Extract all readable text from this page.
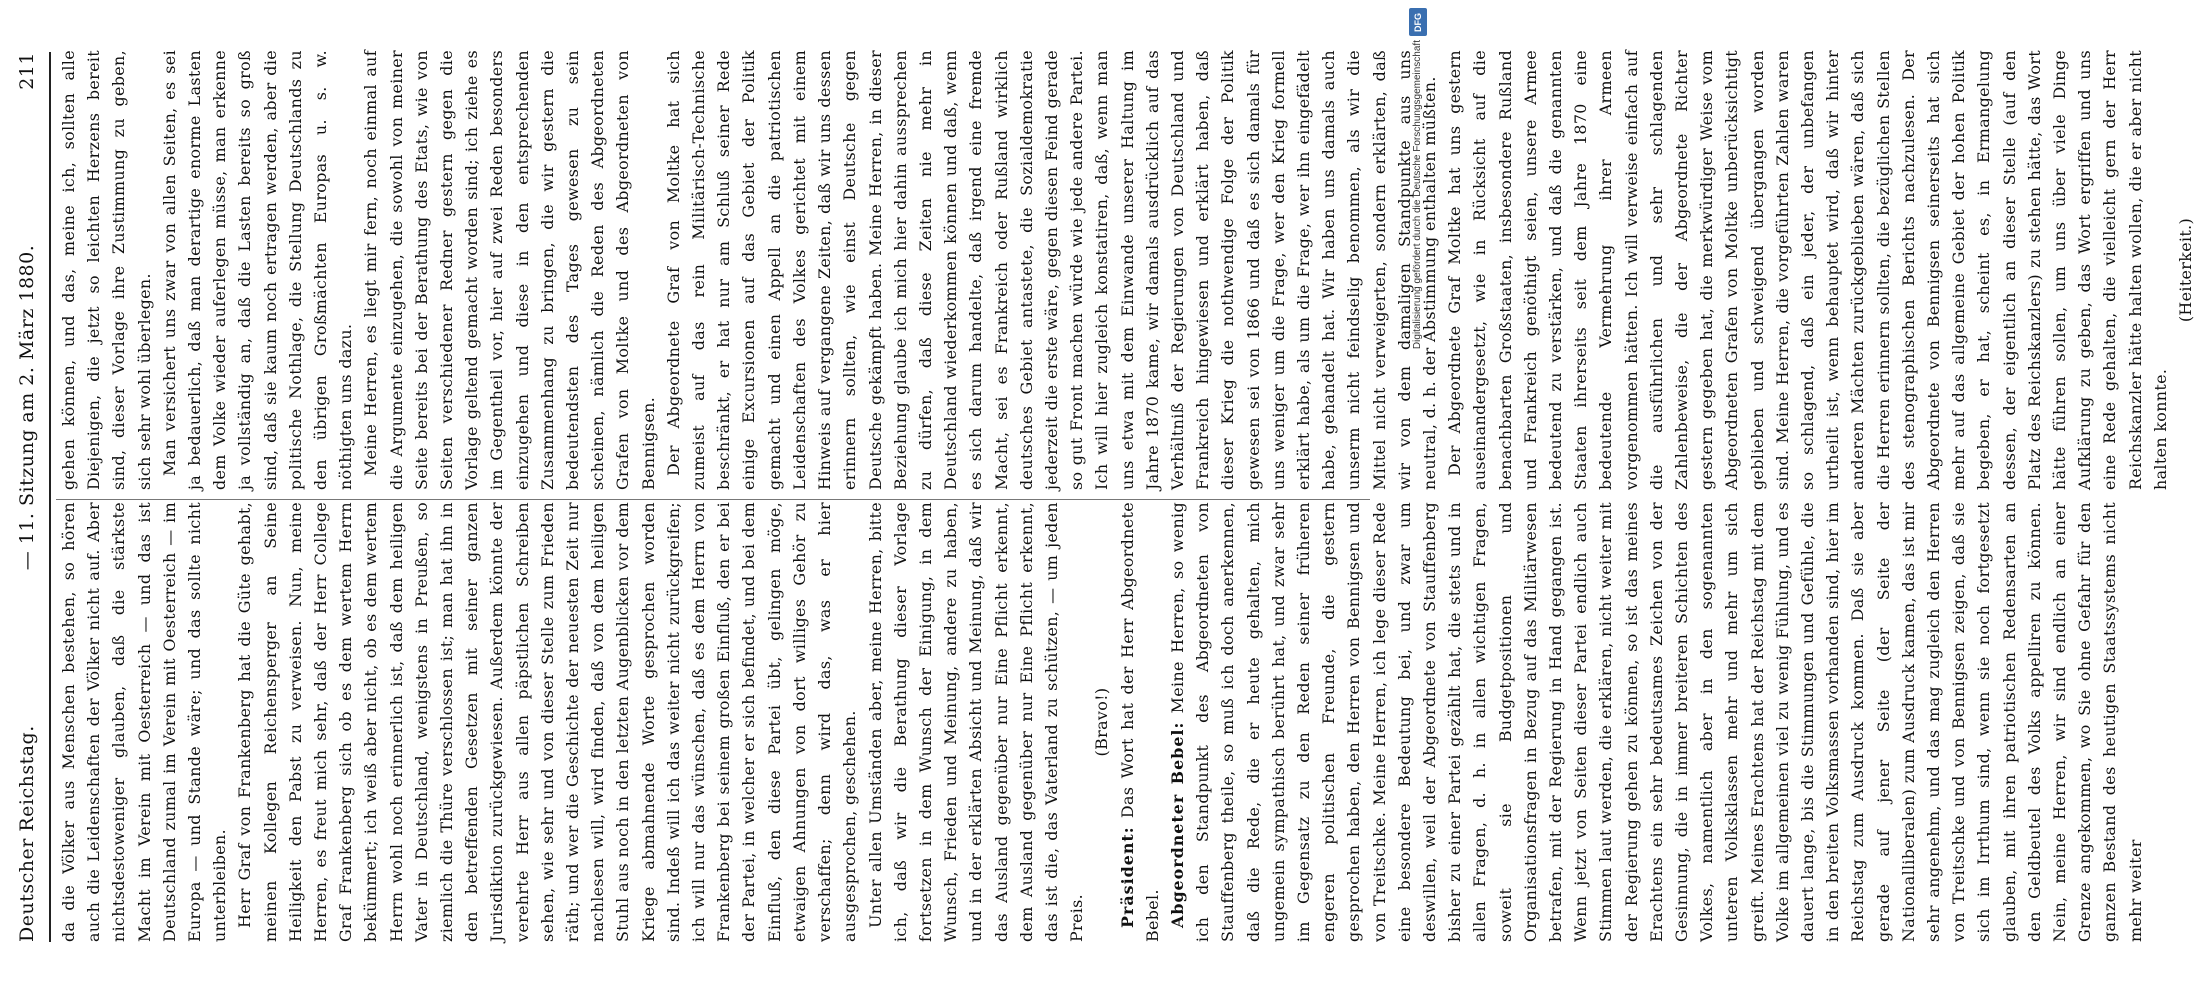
Deutscher Reichstag.
— 11. Sitzung am 2. März 1880.
211

da die Völker aus Menschen bestehen, so hören auch die Leidenschaften der Völker nicht auf. Aber nichtsdestoweniger glauben, daß die stärkste Macht im Verein mit Oesterreich — und das ist Deutschland zumal im Verein mit Oesterreich — im Europa — und Stande wäre; und das sollte nicht unterbleiben. Herr Graf von Frankenberg hat die Güte gehabt, meinen Kollegen Reichensperger an Seine Heiligkeit den Pabst zu verweisen. Nun, meine Herren, es freut mich sehr, daß der Herr College Graf Frankenberg sich ob es dem wertem Herrn bekümmert; ich weiß aber nicht, ob es dem wertem Herrn wohl noch erinnerlich ist, daß dem heiligen Vater in Deutschland, wenigstens in Preußen, so ziemlich die Thüre verschlossen ist; man hat ihn in den betreffenden Gesetzen mit seiner ganzen Jurisdiktion zurückgewiesen. Außerdem könnte der verehrte Herr aus allen päpstlichen Schreiben sehen, wie sehr und von dieser Stelle zum Frieden räth; und wer die Geschichte der neuesten Zeit nur nachlesen will, wird finden, daß von dem heiligen Stuhl aus noch in den letzten Augenblicken vor dem Kriege abmahnende Worte gesprochen worden sind. Indeß will ich das weiter nicht zurückgreifen; ich will nur das wünschen, daß es dem Herrn von Frankenberg bei seinem großen Einfluß, den er bei der Partei, in welcher er sich befindet, und bei dem Einfluß, den diese Partei übt, gelingen möge, etwaigen Ahnungen von dort williges Gehör zu verschaffen; denn wird das, was er hier ausgesprochen, geschehen. Unter allen Umständen aber, meine Herren, bitte ich, daß wir die Berathung dieser Vorlage fortsetzen in dem Wunsch der Einigung, in dem Wunsch, Frieden und Meinung, andere zu haben, und in der erklärten Absicht und Meinung, daß wir das Ausland gegenüber nur Eine Pflicht erkennt, dem Ausland gegenüber nur Eine Pflicht erkennt, das ist die, das Vaterland zu schützen, — um jeden Preis.

(Bravo!)

Präsident: Das Wort hat der Herr Abgeordnete Bebel. Abgeordneter Bebel: Meine Herren, so wenig ich den Standpunkt des Abgeordneten von Stauffenberg theile, so muß ich doch anerkennen, daß die Rede, die er heute gehalten, mich ungemein sympathisch berührt hat, und zwar sehr im Gegensatz zu den Reden seiner früheren engeren politischen Freunde, die gestern gesprochen haben, den Herren von Bennigsen und von Treitschke. Meine Herren, ich lege dieser Rede eine besondere Bedeutung bei, und zwar um deswillen, weil der Abgeordnete von Stauffenberg bisher zu einer Partei gezählt hat, die stets und in allen Fragen, d. h. in allen wichtigen Fragen, soweit sie Budgetpositionen und Organisationsfragen in Bezug auf das Militärwesen betrafen, mit der Regierung in Hand gegangen ist. Wenn jetzt von Seiten dieser Partei endlich auch Stimmen laut werden, die erklären, nicht weiter mit der Regierung gehen zu können, so ist das meines Erachtens ein sehr bedeutsames Zeichen von der Gesinnung, die in immer breiteren Schichten des Volkes, namentlich aber in den sogenannten unteren Volksklassen mehr und mehr um sich greift. Meines Erachtens hat der Reichstag mit dem Volke im allgemeinen viel zu wenig Fühlung, und es dauert lange, bis die Stimmungen und Gefühle, die in den breiten Volksmassen vorhanden sind, hier im Reichstag zum Ausdruck kommen. Daß sie aber gerade auf jener Seite (der Seite der Nationalliberalen) zum Ausdruck kamen, das ist mir sehr angenehm, und das mag zugleich den Herren von Treitschke und von Bennigsen zeigen, daß sie sich im Irrthum sind, wenn sie noch fortgesetzt glauben, mit ihren patriotischen Redensarten an den Geldbeutel des Volks appelliren zu können. Nein, meine Herren, wir sind endlich an einer Grenze angekommen, wo Sie ohne Gefahr für den ganzen Bestand des heutigen Staatssystems nicht mehr weiter

gehen können, und das, meine ich, sollten alle Diejenigen, die jetzt so leichten Herzens bereit sind, dieser Vorlage ihre Zustimmung zu geben, sich sehr wohl überlegen. Man versichert uns zwar von allen Seiten, es sei ja bedauerlich, daß man derartige enorme Lasten dem Volke wieder auferlegen müsse, man erkenne ja vollständig an, daß die Lasten bereits so groß sind, daß sie kaum noch ertragen werden, aber die politische Nothlage, die Stellung Deutschlands zu den übrigen Großmächten Europas u. s. w. nöthigten uns dazu. Meine Herren, es liegt mir fern, noch einmal auf die Argumente einzugehen, die sowohl von meiner Seite bereits bei der Berathung des Etats, wie von Seiten verschiedener Redner gestern gegen die Vorlage geltend gemacht worden sind; ich ziehe es im Gegentheil vor, hier auf zwei Reden besonders einzugehen und diese in den entsprechenden Zusammenhang zu bringen, die wir gestern die bedeutendsten des Tages gewesen zu sein scheinen, nämlich die Reden des Abgeordneten Grafen von Moltke und des Abgeordneten von Bennigsen. Der Abgeordnete Graf von Moltke hat sich zumeist auf das rein Militärisch-Technische beschränkt, er hat nur am Schluß seiner Rede einige Excursionen auf das Gebiet der Politik gemacht und einen Appell an die patriotischen Leidenschaften des Volkes gerichtet mit einem Hinweis auf vergangene Zeiten, daß wir uns dessen erinnern sollten, wie einst Deutsche gegen Deutsche gekämpft haben. Meine Herren, in dieser Beziehung glaube ich mich hier dahin aussprechen zu dürfen, daß diese Zeiten nie mehr in Deutschland wiederkommen können und daß, wenn es sich darum handelte, daß irgend eine fremde Macht, sei es Frankreich oder Rußland wirklich deutsches Gebiet antastete, die Sozialdemokratie jederzeit die erste wäre, gegen diesen Feind gerade so gut Front machen würde wie jede andere Partei. Ich will hier zugleich konstatiren, daß, wenn man uns etwa mit dem Einwande unserer Haltung im Jahre 1870 kame, wir damals ausdrücklich auf das Verhältniß der Regierungen von Deutschland und Frankreich hingewiesen und erklärt haben, daß dieser Krieg die nothwendige Folge der Politik gewesen sei von 1866 und daß es sich damals für uns weniger um die Frage, wer den Krieg formell erklärt habe, als um die Frage, wer ihn eingefädelt habe, gehandelt hat. Wir haben uns damals auch unserm nicht feindselig benommen, als wir die Mittel nicht verweigerten, sondern erklärten, daß wir von dem damaligen Standpunkte aus uns neutral, d. h. der Abstimmung enthalten müßten. Der Abgeordnete Graf Moltke hat uns gestern auseinandergesetzt, wie in Rücksicht auf die benachbarten Großstaaten, insbesondere Rußland und Frankreich genöthigt seien, unsere Armee bedeutend zu verstärken, und daß die genannten Staaten ihrerseits seit dem Jahre 1870 eine bedeutende Vermehrung ihrer Armeen vorgenommen hätten. Ich will verweise einfach auf die ausführlichen und sehr schlagenden Zahlenbeweise, die der Abgeordnete Richter gestern gegeben hat, die merkwürdiger Weise vom Abgeordneten Grafen von Moltke unberücksichtigt geblieben und schweigend übergangen worden sind. Meine Herren, die vorgeführten Zahlen waren so schlagend, daß ein jeder, der unbefangen urtheilt ist, wenn behauptet wird, daß wir hinter anderen Mächten zurückgeblieben wären, daß sich die Herren erinnern sollten, die bezüglichen Stellen des stenographischen Berichts nachzulesen. Der Abgeordnete von Bennigsen seinerseits hat sich mehr auf das allgemeine Gebiet der hohen Politik begeben, er hat, scheint es, in Ermangelung dessen, der eigentlich an dieser Stelle (auf den Platz des Reichskanzlers) zu stehen hätte, das Wort hätte führen sollen, um uns über viele Dinge Aufklärung zu geben, das Wort ergriffen und uns eine Rede gehalten, die vielleicht gern der Herr Reichskanzler hätte halten wollen, die er aber nicht halten konnte.

(Heiterkeit.)

DFG
Digitalisierung gefördert durch die Deutsche Forschungsgemeinschaft
